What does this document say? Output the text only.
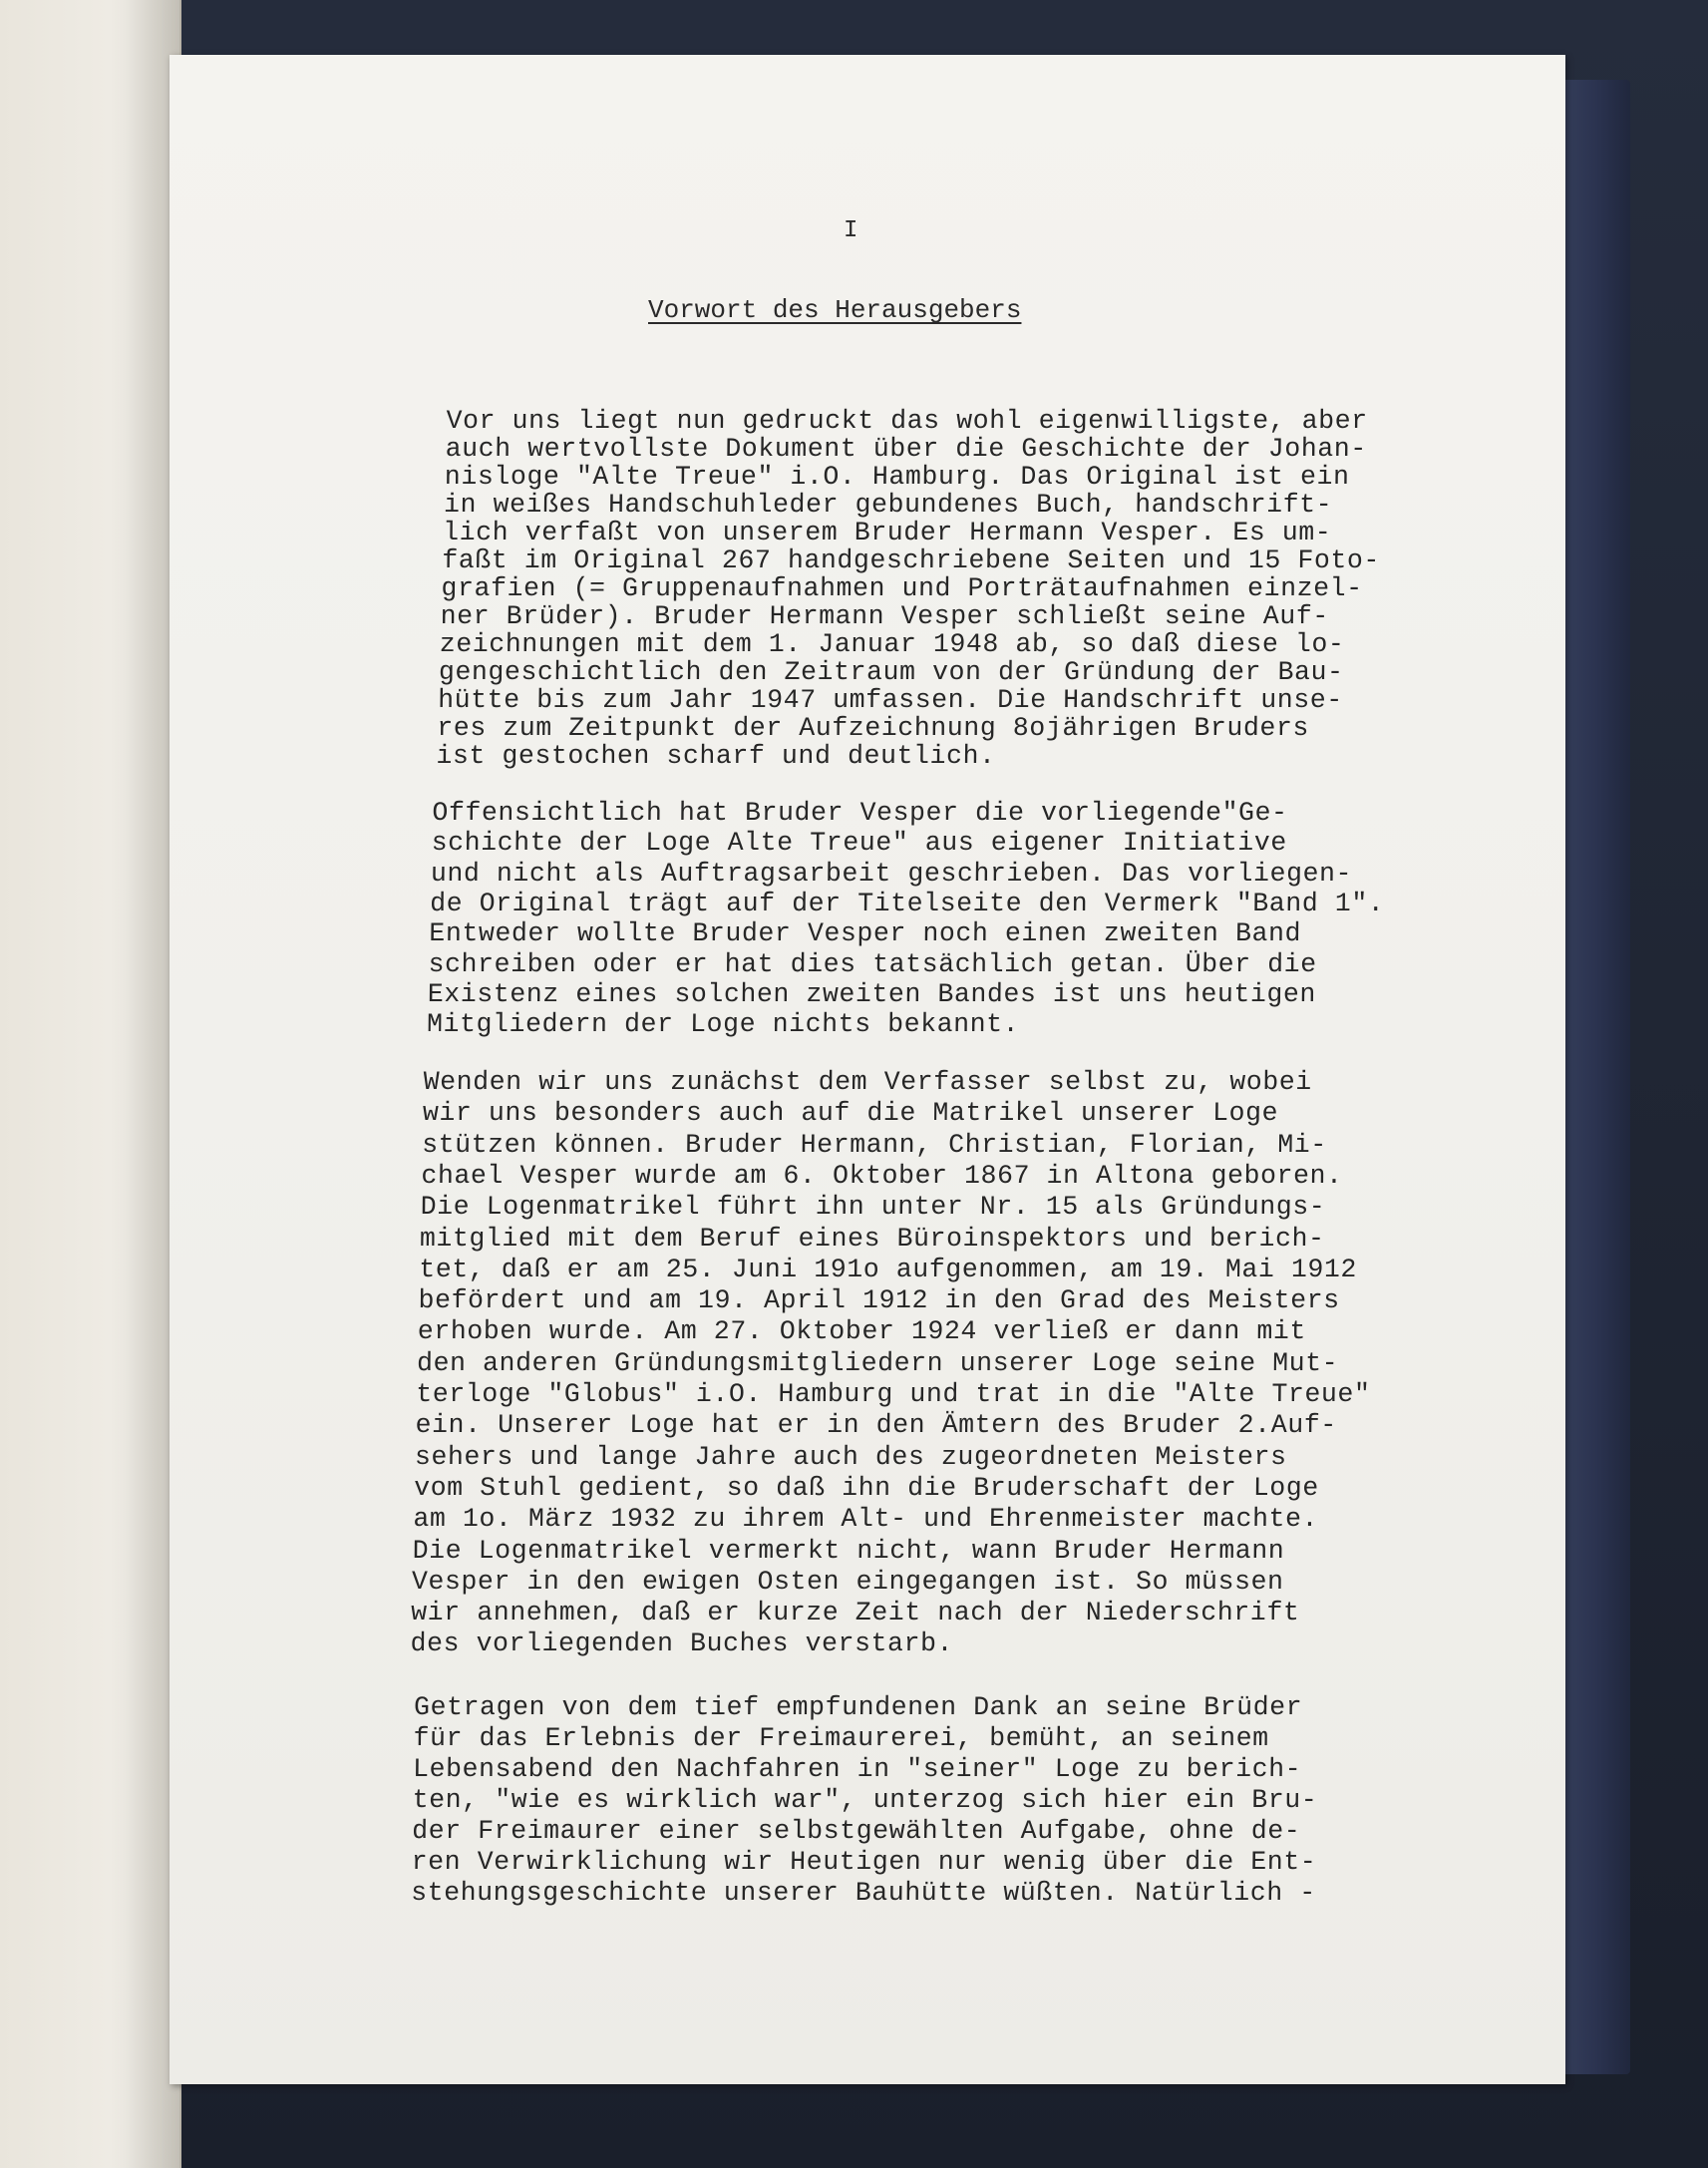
I
Vorwort des Herausgebers
Vor uns liegt nun gedruckt das wohl eigenwilligste, aber
auch wertvollste Dokument über die Geschichte der Johan-
nisloge "Alte Treue" i.O. Hamburg. Das Original ist ein
in weißes Handschuhleder gebundenes Buch, handschrift-
lich verfaßt von unserem Bruder Hermann Vesper. Es um-
faßt im Original 267 handgeschriebene Seiten und 15 Foto-
grafien (= Gruppenaufnahmen und Porträtaufnahmen einzel-
ner Brüder). Bruder Hermann Vesper schließt seine Auf-
zeichnungen mit dem 1. Januar 1948 ab, so daß diese lo-
gengeschichtlich den Zeitraum von der Gründung der Bau-
hütte bis zum Jahr 1947 umfassen. Die Handschrift unse-
res zum Zeitpunkt der Aufzeichnung 8ojährigen Bruders
ist gestochen scharf und deutlich.
Offensichtlich hat Bruder Vesper die vorliegende"Ge-
schichte der Loge Alte Treue" aus eigener Initiative
und nicht als Auftragsarbeit geschrieben. Das vorliegen-
de Original trägt auf der Titelseite den Vermerk "Band 1".
Entweder wollte Bruder Vesper noch einen zweiten Band
schreiben oder er hat dies tatsächlich getan. Über die
Existenz eines solchen zweiten Bandes ist uns heutigen
Mitgliedern der Loge nichts bekannt.
Wenden wir uns zunächst dem Verfasser selbst zu, wobei
wir uns besonders auch auf die Matrikel unserer Loge
stützen können. Bruder Hermann, Christian, Florian, Mi-
chael Vesper wurde am 6. Oktober 1867 in Altona geboren.
Die Logenmatrikel führt ihn unter Nr. 15 als Gründungs-
mitglied mit dem Beruf eines Büroinspektors und berich-
tet, daß er am 25. Juni 191o aufgenommen, am 19. Mai 1912
befördert und am 19. April 1912 in den Grad des Meisters
erhoben wurde. Am 27. Oktober 1924 verließ er dann mit
den anderen Gründungsmitgliedern unserer Loge seine Mut-
terloge "Globus" i.O. Hamburg und trat in die "Alte Treue"
ein. Unserer Loge hat er in den Ämtern des Bruder 2.Auf-
sehers und lange Jahre auch des zugeordneten Meisters
vom Stuhl gedient, so daß ihn die Bruderschaft der Loge
am 1o. März 1932 zu ihrem Alt- und Ehrenmeister machte.
Die Logenmatrikel vermerkt nicht, wann Bruder Hermann
Vesper in den ewigen Osten eingegangen ist. So müssen
wir annehmen, daß er kurze Zeit nach der Niederschrift
des vorliegenden Buches verstarb.
Getragen von dem tief empfundenen Dank an seine Brüder
für das Erlebnis der Freimaurerei, bemüht, an seinem
Lebensabend den Nachfahren in "seiner" Loge zu berich-
ten, "wie es wirklich war", unterzog sich hier ein Bru-
der Freimaurer einer selbstgewählten Aufgabe, ohne de-
ren Verwirklichung wir Heutigen nur wenig über die Ent-
stehungsgeschichte unserer Bauhütte wüßten. Natürlich -
